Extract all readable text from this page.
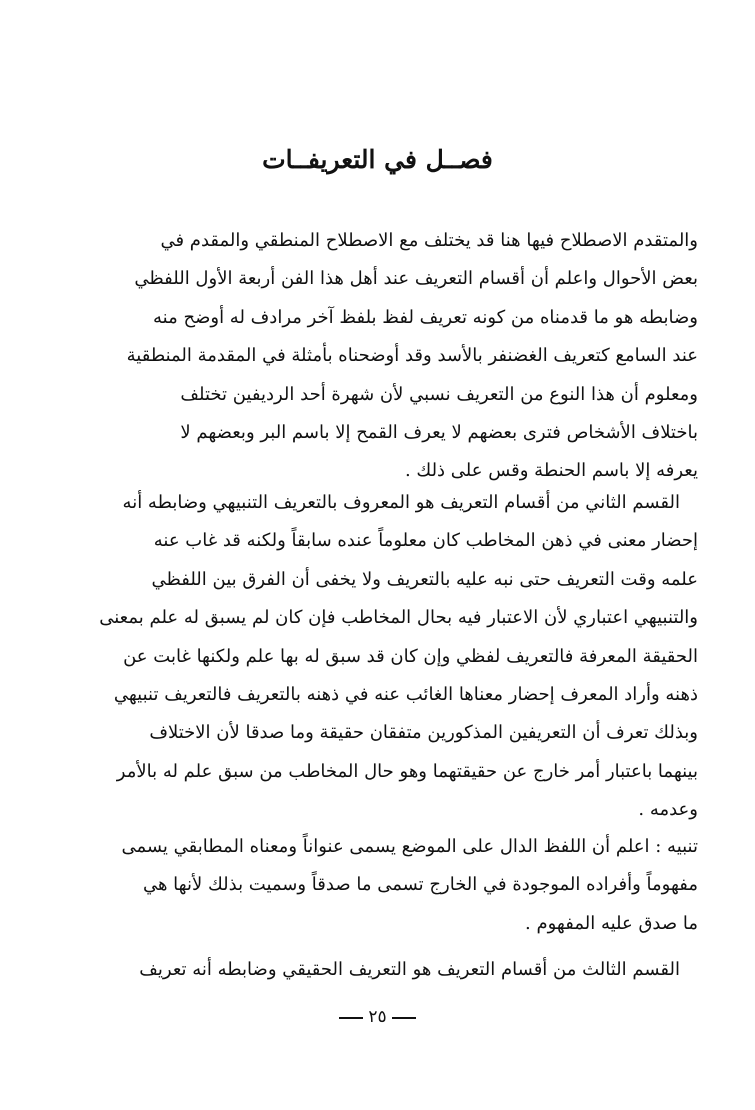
فصــل في التعريفــات

والمتقدم الاصطلاح فيها هنا قد يختلف مع الاصطلاح المنطقي والمقدم في
بعض الأحوال واعلم أن أقسام التعريف عند أهل هذا الفن أربعة الأول اللفظي
وضابطه هو ما قدمناه من كونه تعريف لفظ بلفظ آخر مرادف له أوضح منه
عند السامع كتعريف الغضنفر بالأسد وقد أوضحناه بأمثلة في المقدمة المنطقية
ومعلوم أن هذا النوع من التعريف نسبي لأن شهرة أحد الرديفين تختلف
باختلاف الأشخاص فترى بعضهم لا يعرف القمح إلا باسم البر وبعضهم لا
يعرفه إلا باسم الحنطة وقس على ذلك .

القسم الثاني من أقسام التعريف هو المعروف بالتعريف التنبيهي وضابطه أنه
إحضار معنى في ذهن المخاطب كان معلوماً عنده سابقاً ولكنه قد غاب عنه
علمه وقت التعريف حتى نبه عليه بالتعريف ولا يخفى أن الفرق بين اللفظي
والتنبيهي اعتباري لأن الاعتبار فيه بحال المخاطب فإن كان لم يسبق له علم بمعنى
الحقيقة المعرفة فالتعريف لفظي وإن كان قد سبق له بها علم ولكنها غابت عن
ذهنه وأراد المعرف إحضار معناها الغائب عنه في ذهنه بالتعريف فالتعريف تنبيهي
وبذلك تعرف أن التعريفين المذكورين متفقان حقيقة وما صدقا لأن الاختلاف
بينهما باعتبار أمر خارج عن حقيقتهما وهو حال المخاطب من سبق علم له بالأمر
وعدمه .

تنبيه : اعلم أن اللفظ الدال على الموضع يسمى عنواناً ومعناه المطابقي يسمى
مفهوماً وأفراده الموجودة في الخارج تسمى ما صدقاً وسميت بذلك لأنها هي
ما صدق عليه المفهوم .

القسم الثالث من أقسام التعريف هو التعريف الحقيقي وضابطه أنه تعريف

٢٥
